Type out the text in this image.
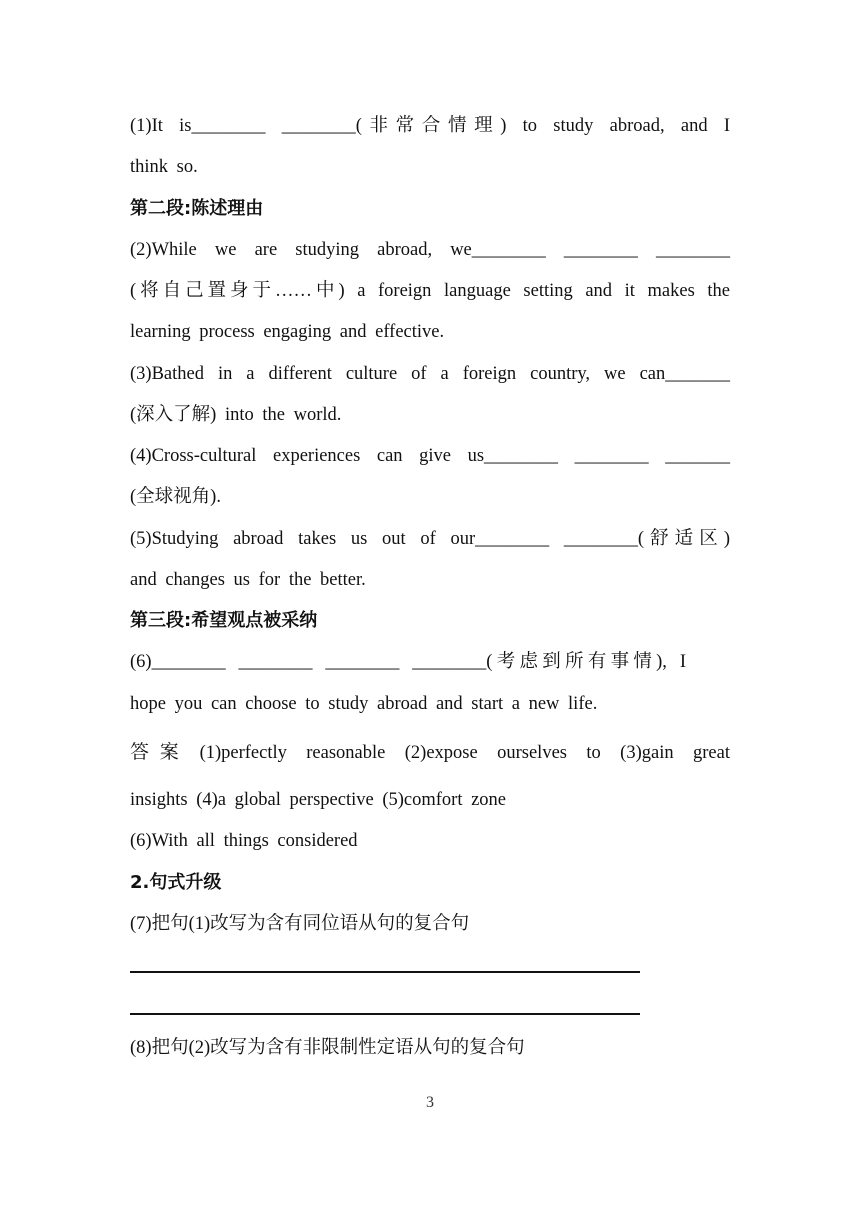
(1)It is________ ________(非常合情理) to study abroad, and I
think so.
第二段:陈述理由
(2)While we are studying abroad, we________ ________ ________
(将自己置身于……中) a foreign language setting and it makes the
learning process engaging and effective.
(3)Bathed in a different culture of a foreign country, we can_______
(深入了解) into the world.
(4)Cross-cultural experiences can give us________ ________ _______
(全球视角).
(5)Studying abroad takes us out of our________ ________(舒适区)
and changes us for the better.
第三段:希望观点被采纳
(6)________ ________ ________ ________(考虑到所有事情), I
hope you can choose to study abroad and start a new life.
答案 (1)perfectly reasonable (2)expose ourselves to (3)gain great
insights (4)a global perspective (5)comfort zone
(6)With all things considered
2.句式升级
(7)把句(1)改写为含有同位语从句的复合句
(8)把句(2)改写为含有非限制性定语从句的复合句
3
